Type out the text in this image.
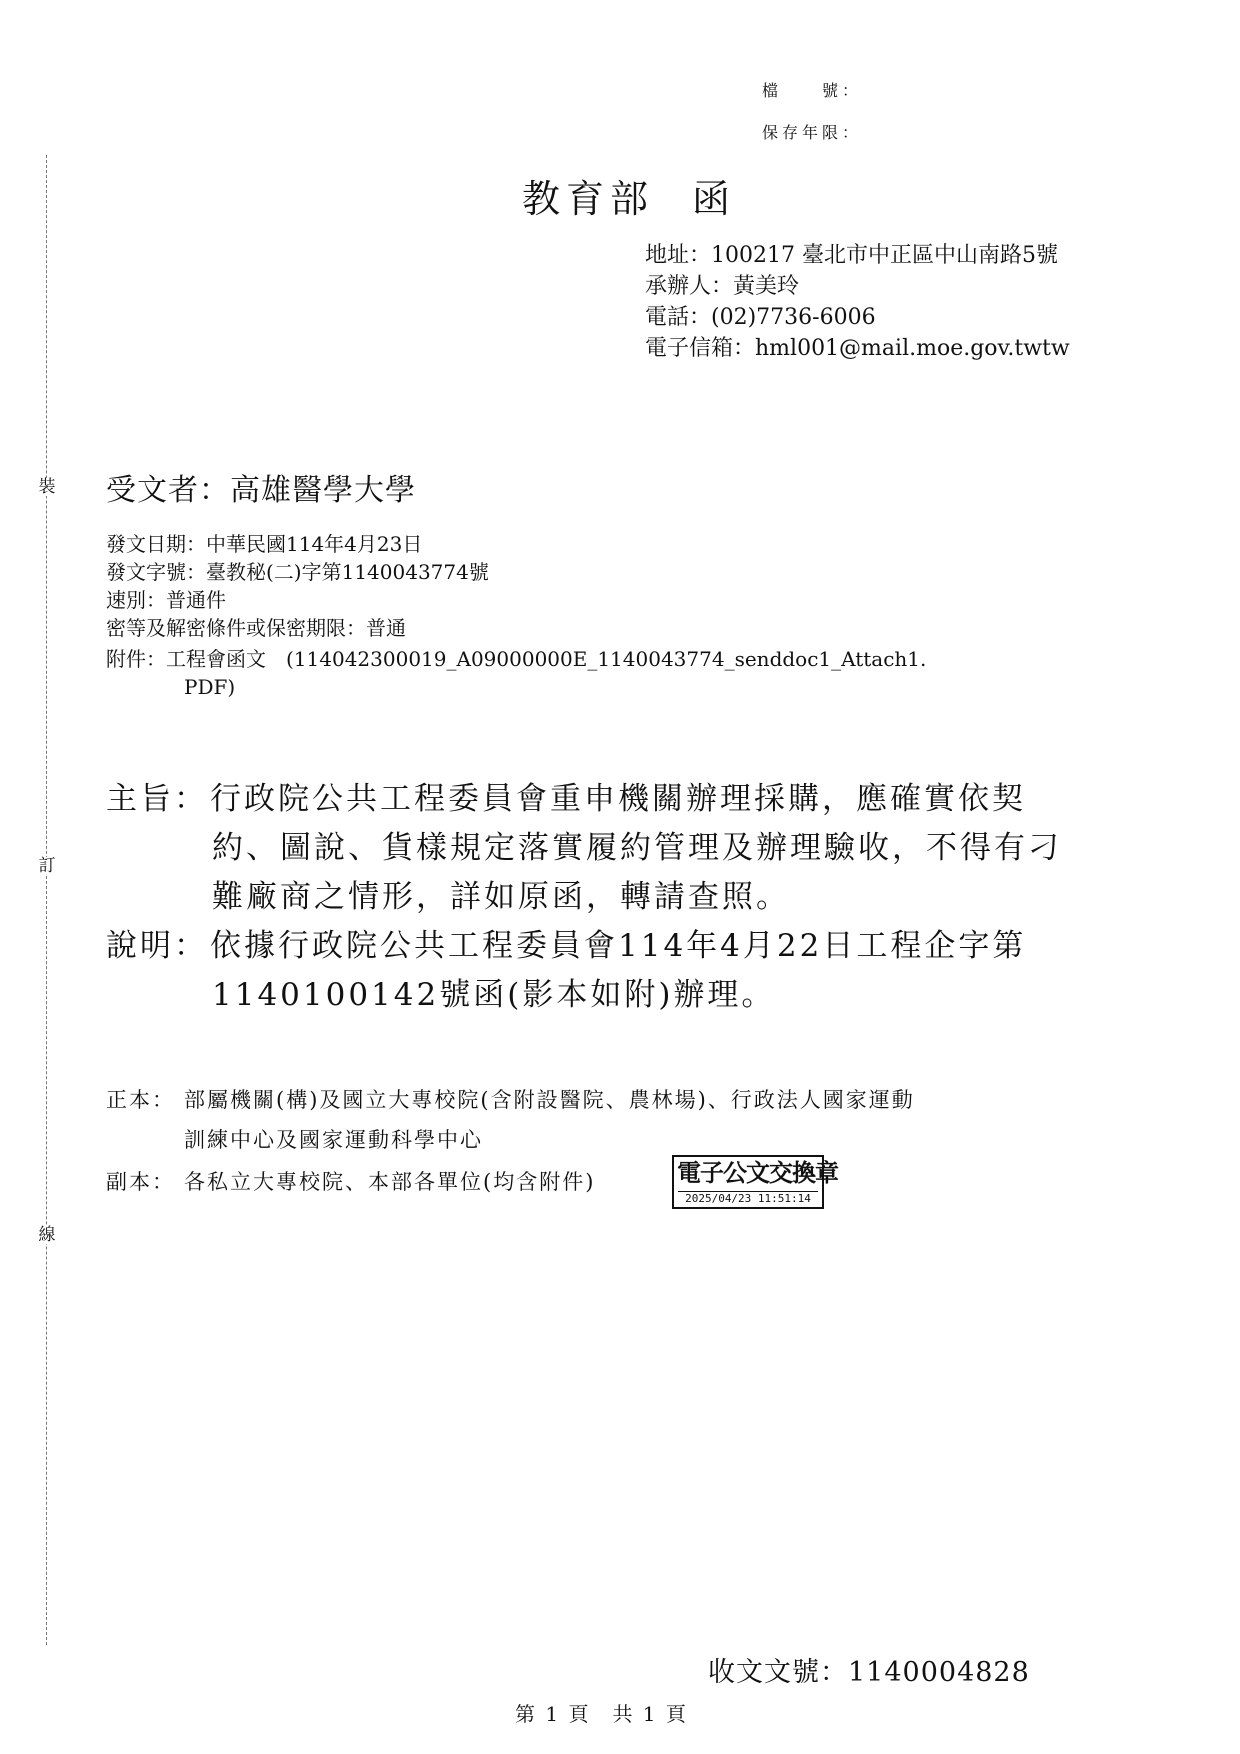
裝
訂
線
檔　　號：
保存年限：
教育部 函
地址：100217 臺北市中正區中山南路5號
承辦人：黃美玲
電話：(02)7736-6006
電子信箱：hml001@mail.moe.gov.twtw
受文者：高雄醫學大學
發文日期：中華民國114年4月23日
發文字號：臺教秘(二)字第1140043774號
速別：普通件
密等及解密條件或保密期限：普通
附件：工程會函文　(114042300019_A09000000E_1140043774_senddoc1_Attach1.
PDF)
主旨： 行政院公共工程委員會重申機關辦理採購，應確實依契
約、圖說、貨樣規定落實履約管理及辦理驗收，不得有刁
難廠商之情形，詳如原函，轉請查照。
說明： 依據行政院公共工程委員會114年4月22日工程企字第
1140100142號函(影本如附)辦理。
正本： 部屬機關(構)及國立大專校院(含附設醫院、農林場)、行政法人國家運動
訓練中心及國家運動科學中心
副本： 各私立大專校院、本部各單位(均含附件)	電子公文交換章
2025/04/23 11:51:14
收文文號：1140004828
第 1 頁　共 1 頁
